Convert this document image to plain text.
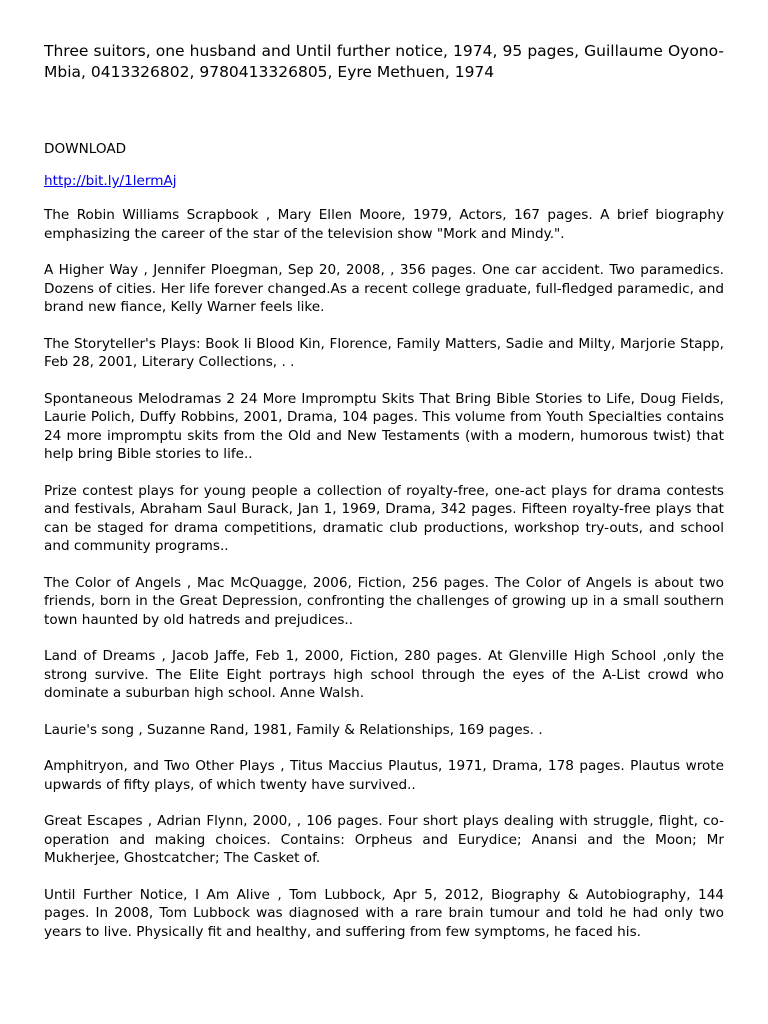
Three suitors, one husband and Until further notice, 1974, 95 pages, Guillaume Oyono-Mbia, 0413326802, 9780413326805, Eyre Methuen, 1974

DOWNLOAD

http://bit.ly/1lermAj

The Robin Williams Scrapbook , Mary Ellen Moore, 1979, Actors, 167 pages. A brief biography emphasizing the career of the star of the television show "Mork and Mindy.".

A Higher Way , Jennifer Ploegman, Sep 20, 2008, , 356 pages. One car accident. Two paramedics. Dozens of cities. Her life forever changed.As a recent college graduate, full-fledged paramedic, and brand new fiance, Kelly Warner feels like.

The Storyteller's Plays: Book Ii Blood Kin, Florence, Family Matters, Sadie and Milty, Marjorie Stapp, Feb 28, 2001, Literary Collections, . .

Spontaneous Melodramas 2 24 More Impromptu Skits That Bring Bible Stories to Life, Doug Fields, Laurie Polich, Duffy Robbins, 2001, Drama, 104 pages. This volume from Youth Specialties contains 24 more impromptu skits from the Old and New Testaments (with a modern, humorous twist) that help bring Bible stories to life..

Prize contest plays for young people a collection of royalty-free, one-act plays for drama contests and festivals, Abraham Saul Burack, Jan 1, 1969, Drama, 342 pages. Fifteen royalty-free plays that can be staged for drama competitions, dramatic club productions, workshop try-outs, and school and community programs..

The Color of Angels , Mac McQuagge, 2006, Fiction, 256 pages. The Color of Angels is about two friends, born in the Great Depression, confronting the challenges of growing up in a small southern town haunted by old hatreds and prejudices..

Land of Dreams , Jacob Jaffe, Feb 1, 2000, Fiction, 280 pages. At Glenville High School ,only the strong survive. The Elite Eight portrays high school through the eyes of the A-List crowd who dominate a suburban high school. Anne Walsh.

Laurie's song , Suzanne Rand, 1981, Family & Relationships, 169 pages. .

Amphitryon, and Two Other Plays , Titus Maccius Plautus, 1971, Drama, 178 pages. Plautus wrote upwards of fifty plays, of which twenty have survived..

Great Escapes , Adrian Flynn, 2000, , 106 pages. Four short plays dealing with struggle, flight, co-operation and making choices. Contains: Orpheus and Eurydice; Anansi and the Moon; Mr Mukherjee, Ghostcatcher; The Casket of.

Until Further Notice, I Am Alive , Tom Lubbock, Apr 5, 2012, Biography & Autobiography, 144 pages. In 2008, Tom Lubbock was diagnosed with a rare brain tumour and told he had only two years to live. Physically fit and healthy, and suffering from few symptoms, he faced his.
